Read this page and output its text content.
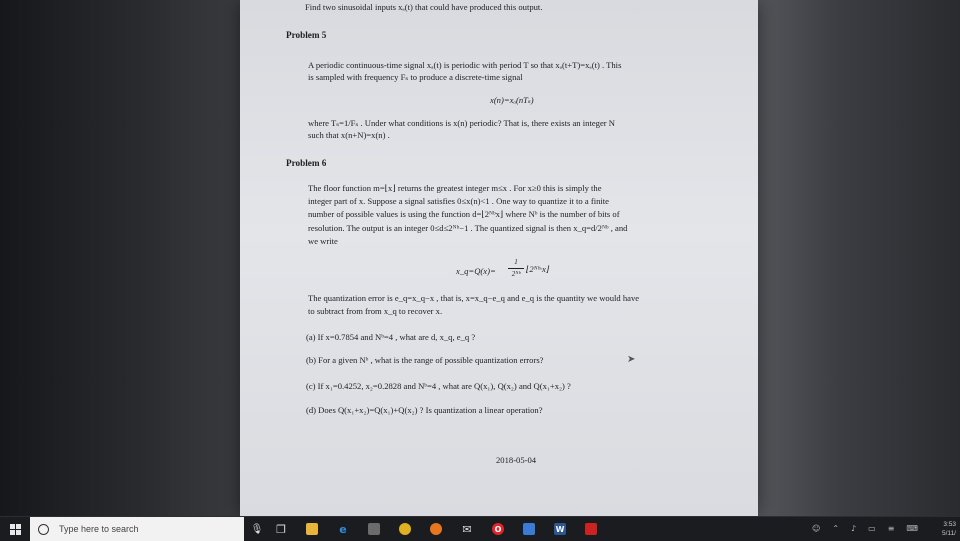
Find two sinusoidal inputs xₐ(t) that could have produced this output.
Problem 5
A periodic continuous-time signal xₐ(t) is periodic with period T so that xₐ(t+T)=xₐ(t) . This
is sampled with frequency Fₛ to produce a discrete-time signal
x(n)=xₐ(nTₛ)
where Tₛ=1/Fₛ . Under what conditions is x(n) periodic? That is, there exists an integer N
such that x(n+N)=x(n) .
Problem 6
The floor function m=⌊x⌋ returns the greatest integer m≤x . For x≥0 this is simply the
integer part of x. Suppose a signal satisfies 0≤x(n)<1 . One way to quantize it to a finite
number of possible values is using the function d=⌊2ᴺᵇx⌋ where Nᵇ is the number of bits of
resolution. The output is an integer 0≤d≤2ᴺᵇ−1 . The quantized signal is then x_q=d/2ᴺᵇ , and
we write
x_q=Q(x)=
1
2ᴺᵇ ⌊2ᴺᵇ·x⌋
The quantization error is e_q=x_q−x , that is, x=x_q−e_q and e_q is the quantity we would have
to subtract from from x_q to recover x.
(a) If x=0.7854 and Nᵇ=4 , what are d, x_q, e_q ?
(b) For a given Nᵇ , what is the range of possible quantization errors?
(c) If x₁=0.4252, x₂=0.2828 and Nᵇ=4 , what are Q(x₁), Q(x₂) and Q(x₁+x₂) ?
(d) Does Q(x₁+x₂)=Q(x₁)+Q(x₂) ? Is quantization a linear operation?
2018-05-04
➤
Type here to search	🎙 ❐	e	✉	O	W	☺ ⌃ ♪ ▭ ≡ ⌨	3:53
5/11/
